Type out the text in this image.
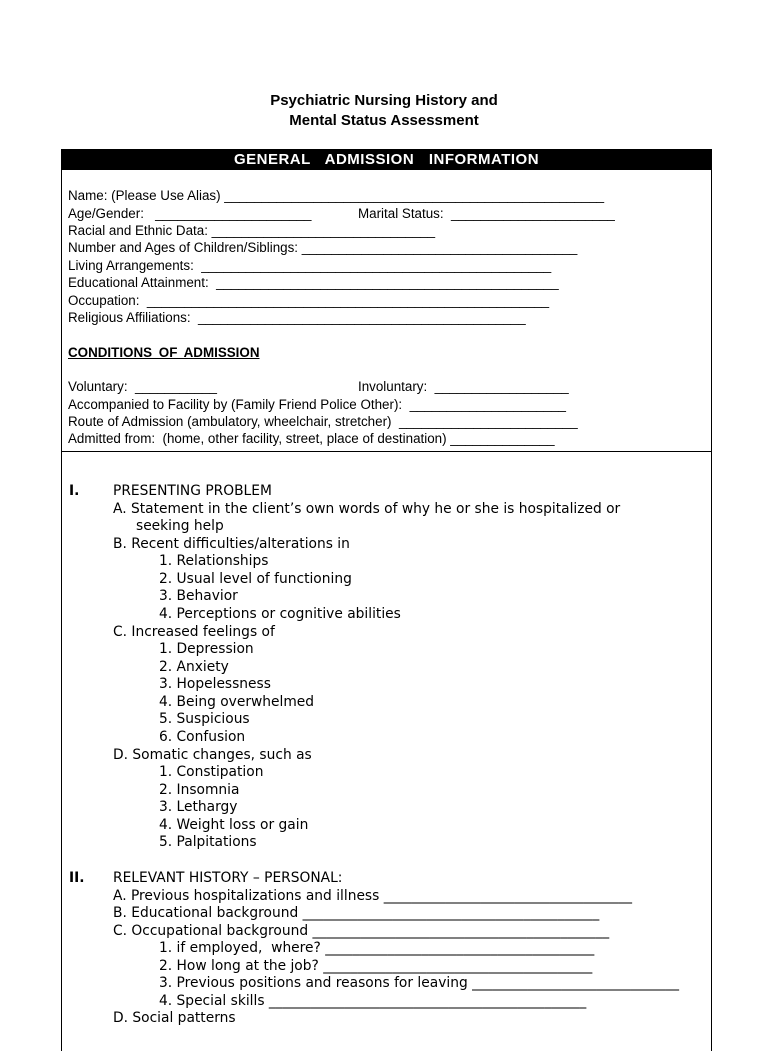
Psychiatric Nursing History and
Mental Status Assessment
GENERAL ADMISSION INFORMATION
Name: (Please Use Alias) ___________________________________________________
Age/Gender:   _____________________	Marital Status:  ______________________
Racial and Ethnic Data: ______________________________
Number and Ages of Children/Siblings: _____________________________________
Living Arrangements:  _______________________________________________
Educational Attainment:  ______________________________________________
Occupation:  ______________________________________________________
Religious Affiliations:  ____________________________________________
CONDITIONS OF ADMISSION
Voluntary:  ___________	Involuntary:  __________________
Accompanied to Facility by (Family Friend Police Other):  _____________________
Route of Admission (ambulatory, wheelchair, stretcher)  ________________________
Admitted from:  (home, other facility, street, place of destination) ______________
I. PRESENTING PROBLEM
A. Statement in the client’s own words of why he or she is hospitalized or
seeking help
B. Recent difficulties/alterations in
1. Relationships
2. Usual level of functioning
3. Behavior
4. Perceptions or cognitive abilities
C. Increased feelings of
1. Depression
2. Anxiety
3. Hopelessness
4. Being overwhelmed
5. Suspicious
6. Confusion
D. Somatic changes, such as
1. Constipation
2. Insomnia
3. Lethargy
4. Weight loss or gain
5. Palpitations
II. RELEVANT HISTORY – PERSONAL:
A. Previous hospitalizations and illness ____________________________________
B. Educational background ___________________________________________
C. Occupational background ___________________________________________
1. if employed,  where? _______________________________________
2. How long at the job? _______________________________________
3. Previous positions and reasons for leaving ______________________________
4. Special skills ______________________________________________
D. Social patterns
